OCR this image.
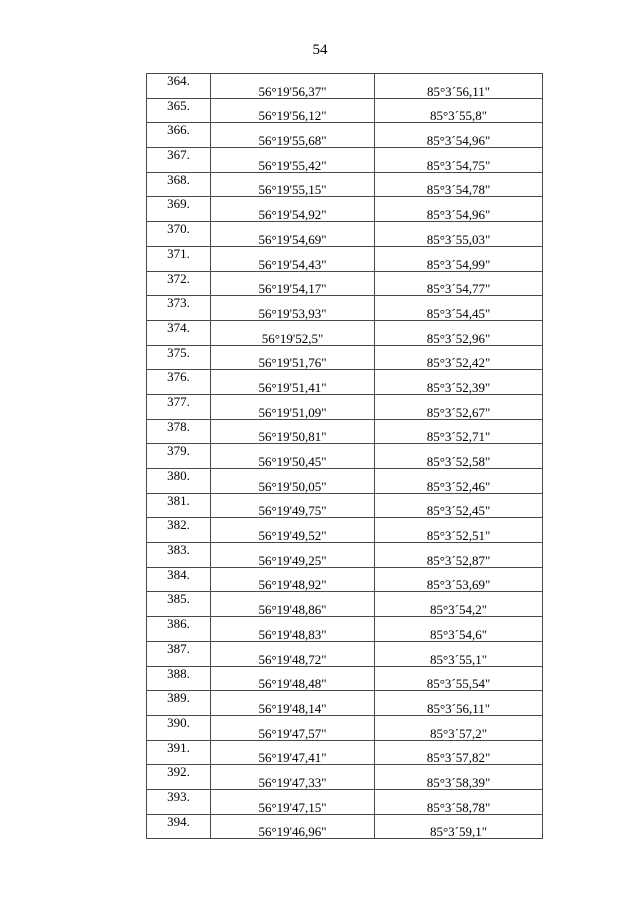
54
364.	56°19'56,37"	85°3´56,11"
365.	56°19'56,12"	85°3´55,8"
366.	56°19'55,68"	85°3´54,96"
367.	56°19'55,42"	85°3´54,75"
368.	56°19'55,15"	85°3´54,78"
369.	56°19'54,92"	85°3´54,96"
370.	56°19'54,69"	85°3´55,03"
371.	56°19'54,43"	85°3´54,99"
372.	56°19'54,17"	85°3´54,77"
373.	56°19'53,93"	85°3´54,45"
374.	56°19'52,5"	85°3´52,96"
375.	56°19'51,76"	85°3´52,42"
376.	56°19'51,41"	85°3´52,39"
377.	56°19'51,09"	85°3´52,67"
378.	56°19'50,81"	85°3´52,71"
379.	56°19'50,45"	85°3´52,58"
380.	56°19'50,05"	85°3´52,46"
381.	56°19'49,75"	85°3´52,45"
382.	56°19'49,52"	85°3´52,51"
383.	56°19'49,25"	85°3´52,87"
384.	56°19'48,92"	85°3´53,69"
385.	56°19'48,86"	85°3´54,2"
386.	56°19'48,83"	85°3´54,6"
387.	56°19'48,72"	85°3´55,1"
388.	56°19'48,48"	85°3´55,54"
389.	56°19'48,14"	85°3´56,11"
390.	56°19'47,57"	85°3´57,2"
391.	56°19'47,41"	85°3´57,82"
392.	56°19'47,33"	85°3´58,39"
393.	56°19'47,15"	85°3´58,78"
394.	56°19'46,96"	85°3´59,1"
